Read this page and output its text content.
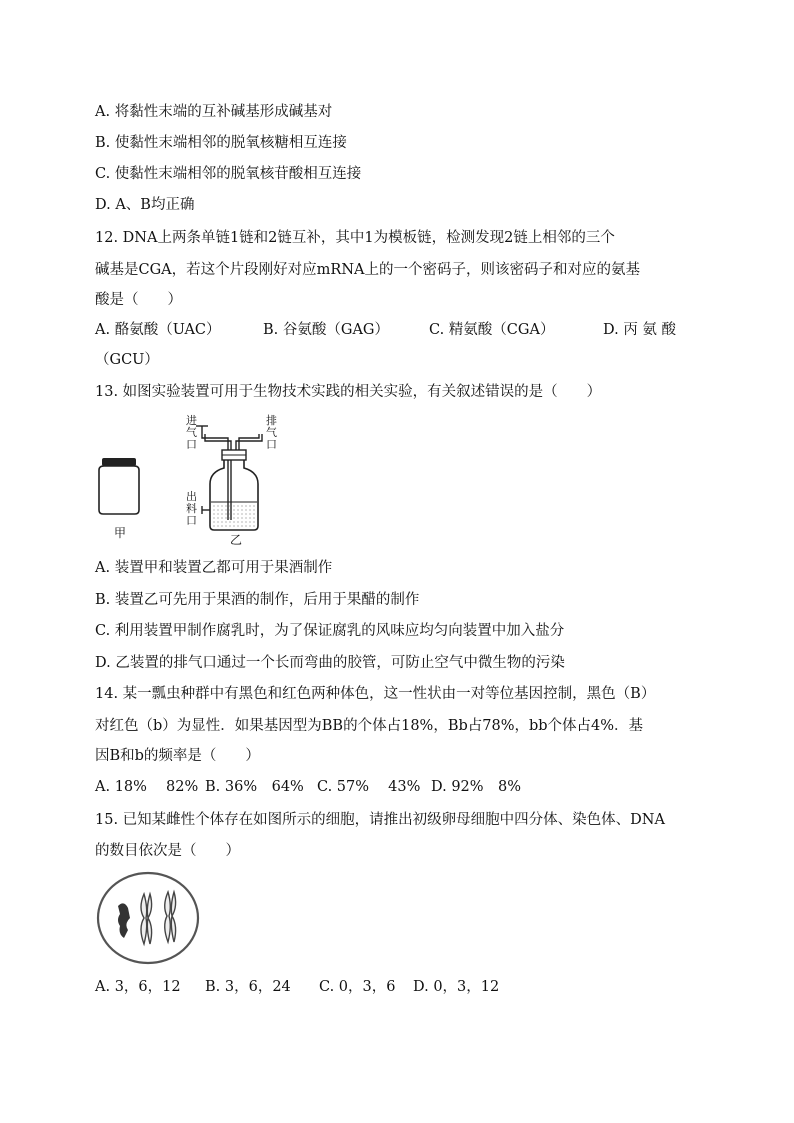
A. 将黏性末端的互补碱基形成碱基对
B. 使黏性末端相邻的脱氧核糖相互连接
C. 使黏性末端相邻的脱氧核苷酸相互连接
D. A、B均正确
12. DNA上两条单链1链和2链互补，其中1为模板链，检测发现2链上相邻的三个
碱基是CGA，若这个片段刚好对应mRNA上的一个密码子，则该密码子和对应的氨基
酸是（　　）
A. 酪氨酸（UAC）	B. 谷氨酸（GAG）	C. 精氨酸（CGA）	D. 丙 氨 酸
（GCU）
13. 如图实验装置可用于生物技术实践的相关实验，有关叙述错误的是（　　）
甲
进
气
口
排
气
口
出
料
口
乙
A. 装置甲和装置乙都可用于果酒制作
B. 装置乙可先用于果酒的制作，后用于果醋的制作
C. 利用装置甲制作腐乳时，为了保证腐乳的风味应均匀向装置中加入盐分
D. 乙装置的排气口通过一个长而弯曲的胶管，可防止空气中微生物的污染
14. 某一瓢虫种群中有黑色和红色两种体色，这一性状由一对等位基因控制，黑色（B）
对红色（b）为显性．如果基因型为BB的个体占18%，Bb占78%，bb个体占4%．基
因B和b的频率是（　　）
A. 18%　 82% B. 36%　64% C. 57%　 43% D. 92%　8%
15. 已知某雌性个体存在如图所示的细胞，请推出初级卵母细胞中四分体、染色体、DNA
的数目依次是（　　）
A. 3，6，12 B. 3，6，24 C. 0，3，6 D. 0，3，12
